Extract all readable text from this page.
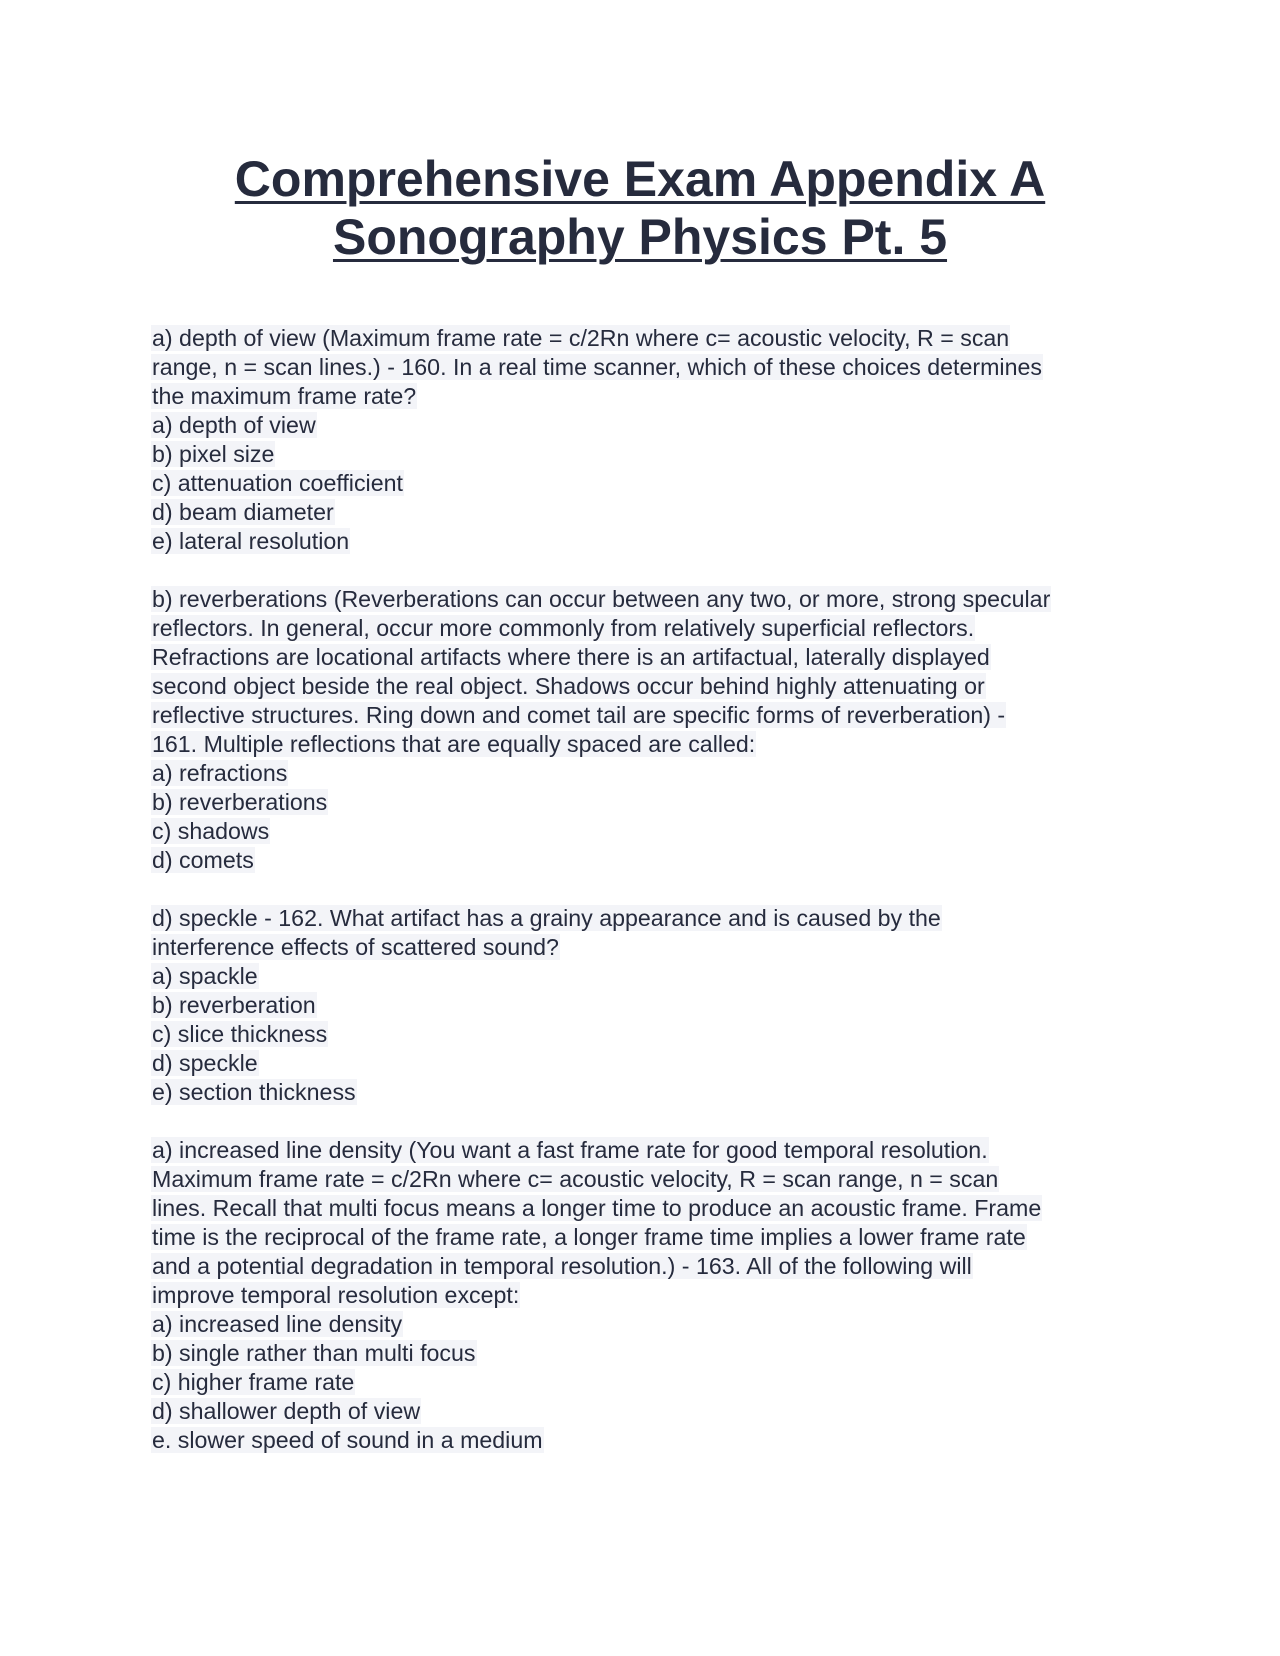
Comprehensive Exam Appendix A
Sonography Physics Pt. 5
a) depth of view (Maximum frame rate = c/2Rn where c= acoustic velocity, R = scan
range, n = scan lines.) - 160. In a real time scanner, which of these choices determines
the maximum frame rate?
a) depth of view
b) pixel size
c) attenuation coefficient
d) beam diameter
e) lateral resolution
b) reverberations (Reverberations can occur between any two, or more, strong specular
reflectors. In general, occur more commonly from relatively superficial reflectors.
Refractions are locational artifacts where there is an artifactual, laterally displayed
second object beside the real object. Shadows occur behind highly attenuating or
reflective structures. Ring down and comet tail are specific forms of reverberation) -
161. Multiple reflections that are equally spaced are called:
a) refractions
b) reverberations
c) shadows
d) comets
d) speckle - 162. What artifact has a grainy appearance and is caused by the
interference effects of scattered sound?
a) spackle
b) reverberation
c) slice thickness
d) speckle
e) section thickness
a) increased line density (You want a fast frame rate for good temporal resolution.
Maximum frame rate = c/2Rn where c= acoustic velocity, R = scan range, n = scan
lines. Recall that multi focus means a longer time to produce an acoustic frame. Frame
time is the reciprocal of the frame rate, a longer frame time implies a lower frame rate
and a potential degradation in temporal resolution.) - 163. All of the following will
improve temporal resolution except:
a) increased line density
b) single rather than multi focus
c) higher frame rate
d) shallower depth of view
e. slower speed of sound in a medium
